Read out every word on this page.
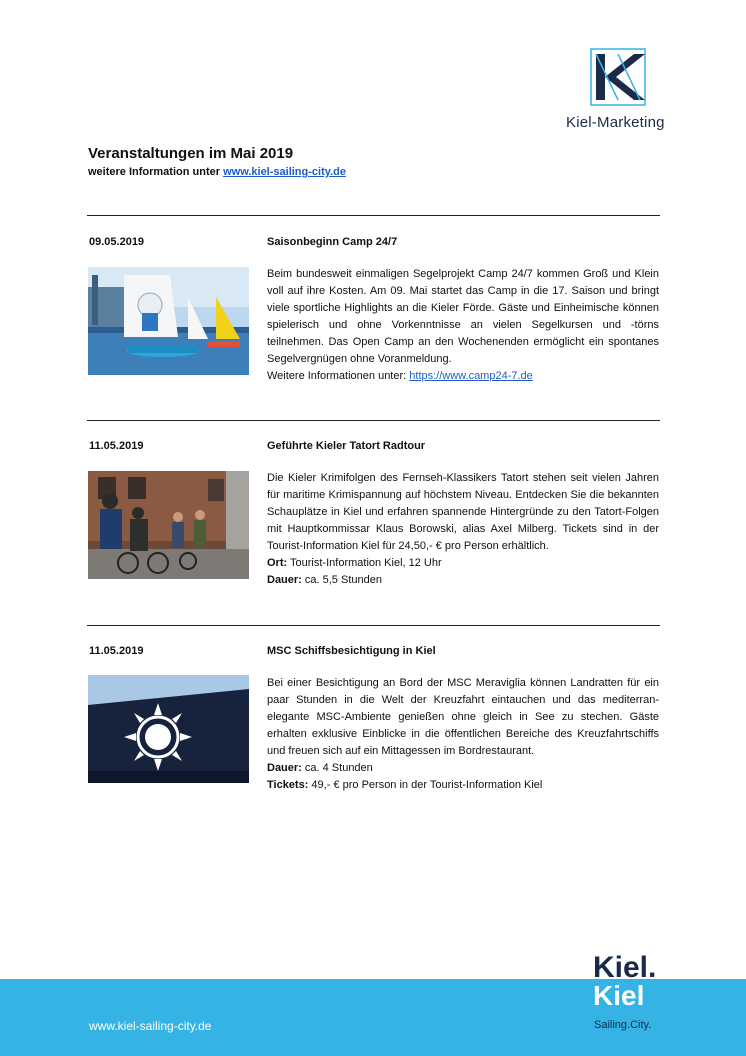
Kiel-Marketing
Veranstaltungen im Mai 2019
weitere Information unter www.kiel-sailing-city.de
09.05.2019	Saisonbeginn Camp 24/7

Beim bundesweit einmaligen Segelprojekt Camp 24/7 kommen Groß und Klein voll auf ihre Kosten. Am 09. Mai startet das Camp in die 17. Saison und bringt viele sportliche Highlights an die Kieler Förde. Gäste und Einheimische können spielerisch und ohne Vorkenntnisse an vielen Segelkursen und -törns teilnehmen. Das Open Camp an den Wochenenden ermöglicht ein spontanes Segelvergnügen ohne Voranmeldung.

Weitere Informationen unter: https://www.camp24-7.de
11.05.2019	Geführte Kieler Tatort Radtour

Die Kieler Krimifolgen des Fernseh-Klassikers Tatort stehen seit vielen Jahren für maritime Krimispannung auf höchstem Niveau. Entdecken Sie die bekannten Schauplätze in Kiel und erfahren spannende Hintergründe zu den Tatort-Folgen mit Hauptkommissar Klaus Borowski, alias Axel Milberg. Tickets sind in der Tourist-Information Kiel für 24,50,- € pro Person erhältlich.

Ort: Tourist-Information Kiel, 12 Uhr
Dauer: ca. 5,5 Stunden
11.05.2019	MSC Schiffsbesichtigung in Kiel

Bei einer Besichtigung an Bord der MSC Meraviglia können Landratten für ein paar Stunden in die Welt der Kreuzfahrt eintauchen und das mediterran-elegante MSC-Ambiente genießen ohne gleich in See zu stechen. Gäste erhalten exklusive Einblicke in die öffentlichen Bereiche des Kreuzfahrtschiffs und freuen sich auf ein Mittagessen im Bordrestaurant.

Dauer: ca. 4 Stunden
Tickets: 49,- € pro Person in der Tourist-Information Kiel
www.kiel-sailing-city.de
Kiel.
Kiel
Sailing.City.
